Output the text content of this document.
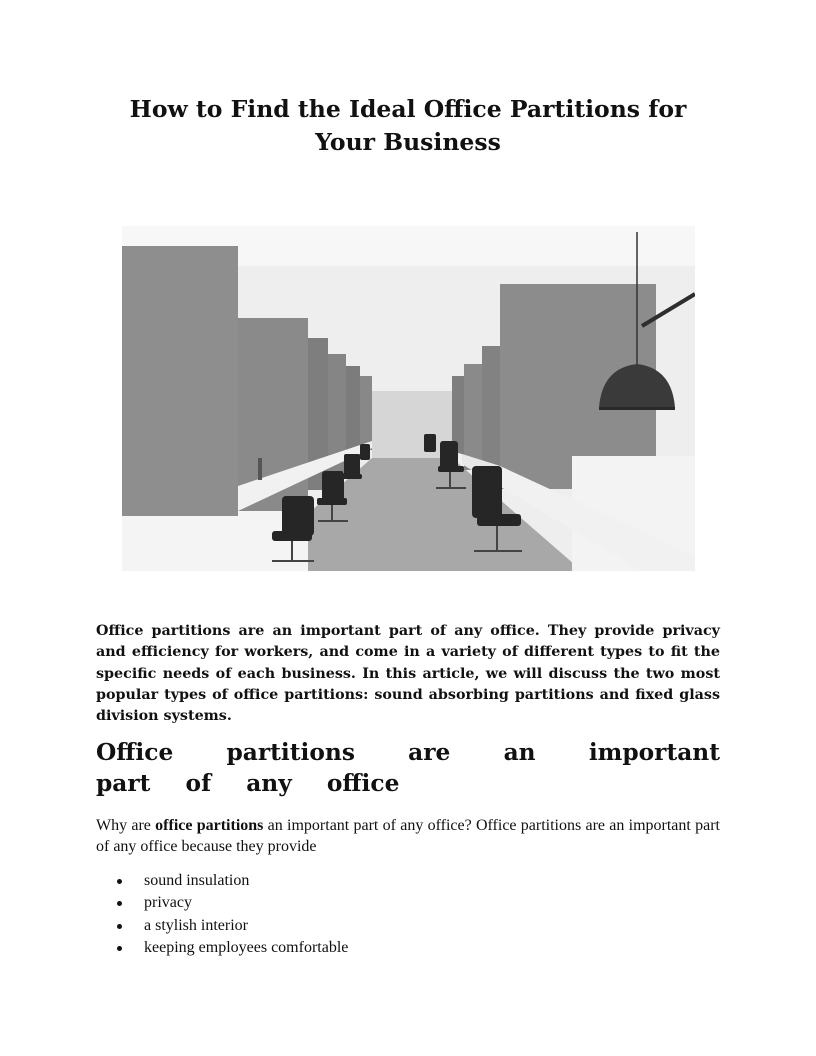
How to Find the Ideal Office Partitions for
Your Business

Office partitions are an important part of any office. They provide privacy and efficiency for workers, and come in a variety of different types to fit the specific needs of each business. In this article, we will discuss the two most popular types of office partitions: sound absorbing partitions and fixed glass division systems.

Office partitions are an important part of any office

Why are office partitions an important part of any office? Office partitions are an important part of any office because they provide

sound insulation
privacy
a stylish interior
keeping employees comfortable
